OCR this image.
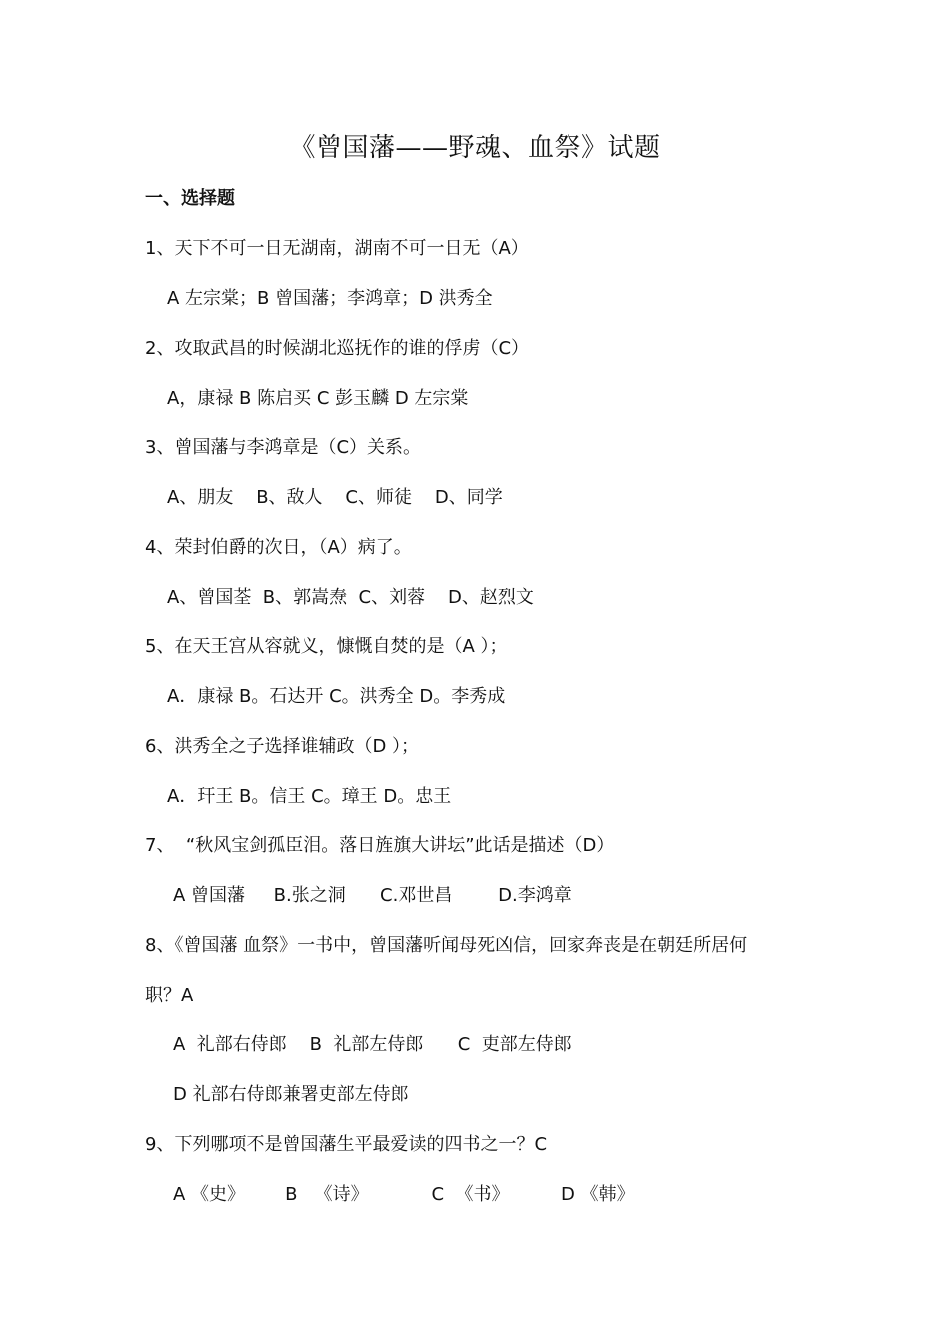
《曾国藩——野魂、血祭》试题
一、选择题
1、天下不可一日无湖南，湖南不可一日无（A）
A 左宗棠；B 曾国藩；李鸿章；D 洪秀全
2、攻取武昌的时候湖北巡抚作的谁的俘虏（C）
A，康禄 B 陈启买 C 彭玉麟 D 左宗棠
3、曾国藩与李鸿章是（C）关系。
A、朋友    B、敌人    C、师徒    D、同学
4、荣封伯爵的次日，（A）病了。
A、曾国荃  B、郭嵩焘  C、刘蓉    D、赵烈文
5、在天王宫从容就义，慷慨自焚的是（A ）；
A．康禄 B。石达开 C。洪秀全 D。李秀成
6、洪秀全之子选择谁辅政（D ）；
A．玕王 B。信王 C。璋王 D。忠王
7、  “秋风宝剑孤臣泪。落日旌旗大讲坛”此话是描述（D）
A 曾国藩     B.张之洞      C.邓世昌        D.李鸿章
8、《曾国藩 血祭》一书中，曾国藩听闻母死凶信，回家奔丧是在朝廷所居何
职？A
A  礼部右侍郎    B  礼部左侍郎      C  吏部左侍郎
D 礼部右侍郎兼署吏部左侍郎
9、下列哪项不是曾国藩生平最爱读的四书之一？C
A 《史》       B   《诗》           C  《书》         D 《韩》
